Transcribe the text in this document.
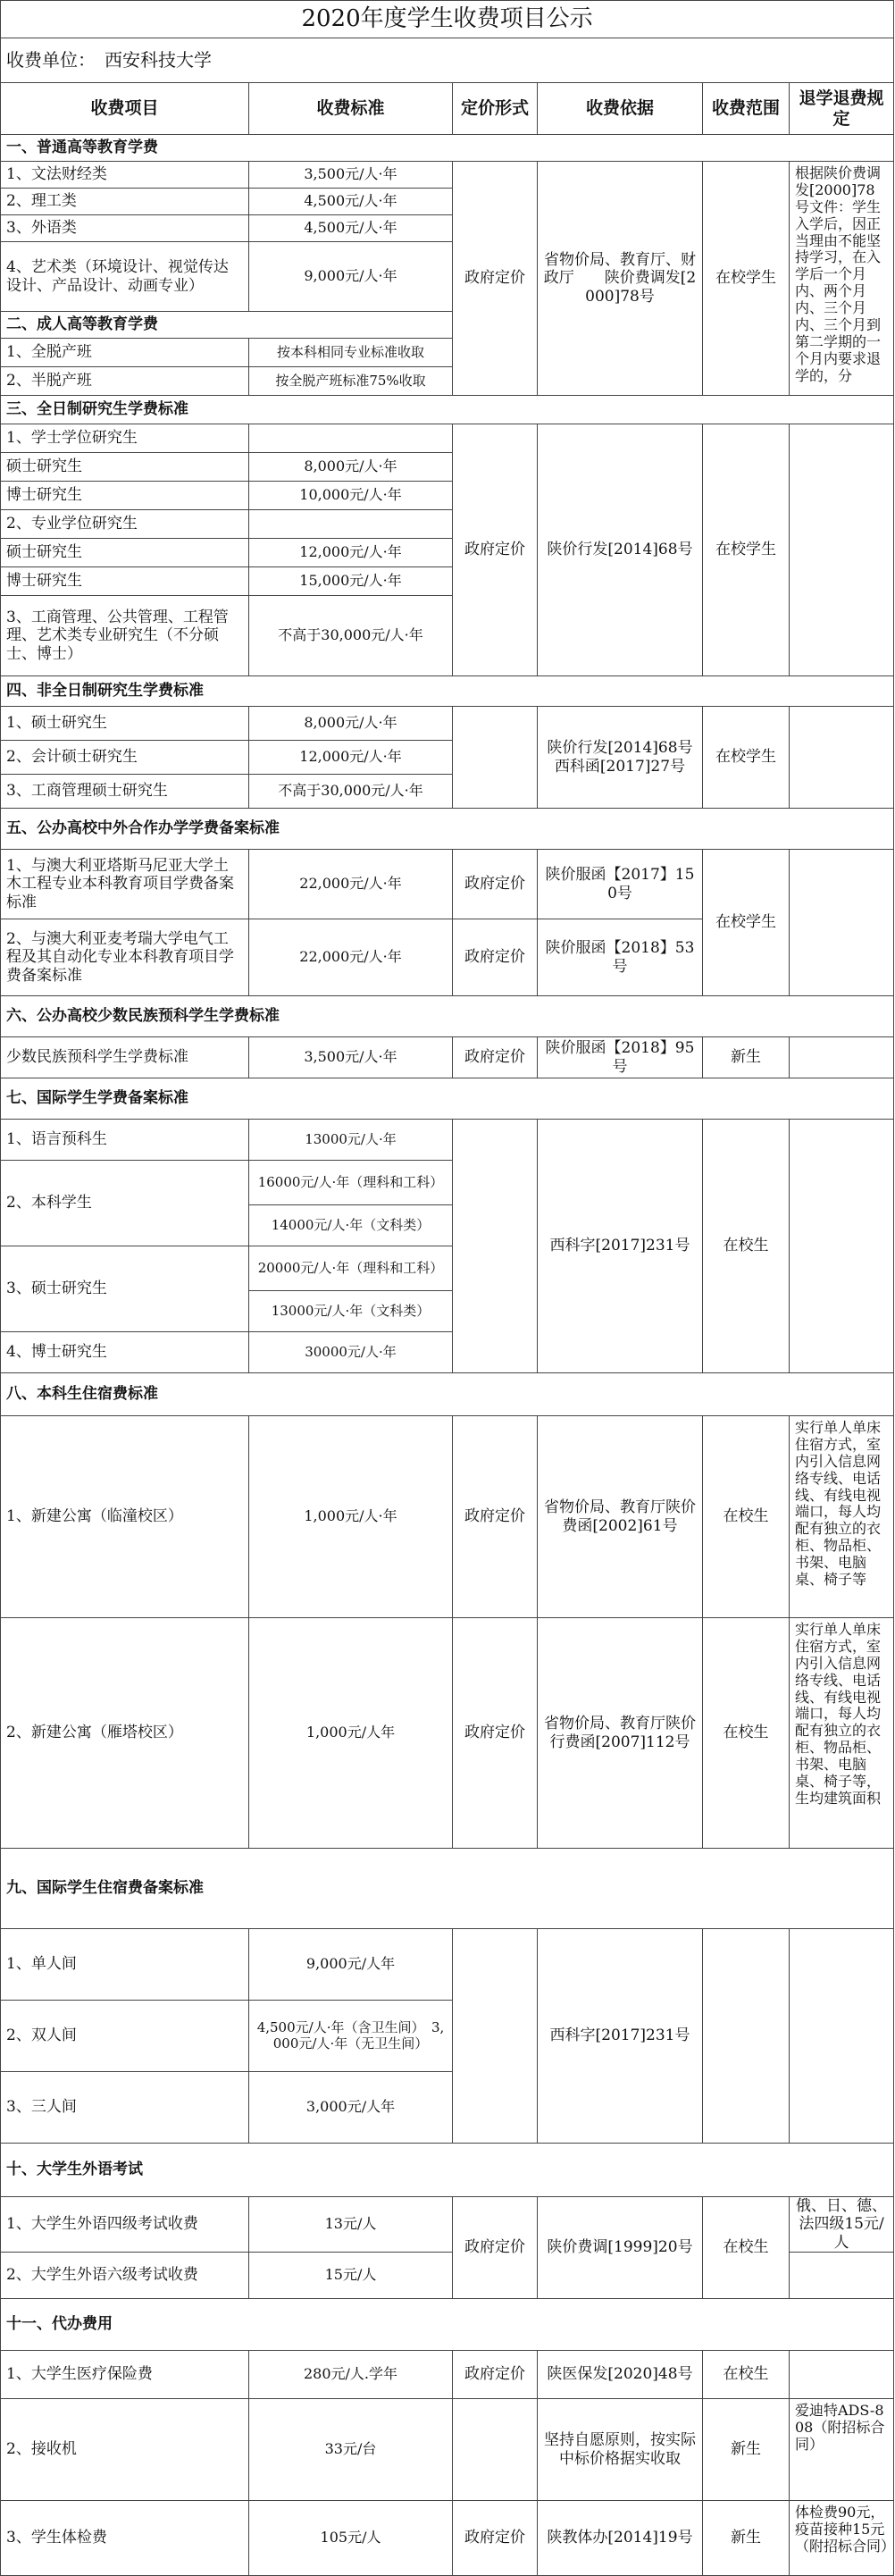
2020年度学生收费项目公示					
收费单位：　 西安科技大学					
收费项目	收费标准	定价形式	收费依据	收费范围	退学退费规定
一、普通高等教育学费					
1、文法财经类	3,500元/人·年	政府定价	省物价局、教育厅、财政厅　　陕价费调发[2000]78号	在校学生	根据陕价费调发[2000]78号文件：学生入学后，因正当理由不能坚持学习，在入学后一个月内、两个月内、三个月内、三个月到第二学期的一个月内要求退学的，分

2、理工类	4,500元/人·年				
3、外语类	4,500元/人·年				
4、艺术类（环境设计、视觉传达设计、产品设计、动画专业）	9,000元/人·年				
二、成人高等教育学费					
1、全脱产班	按本科相同专业标准收取				
2、半脱产班	按全脱产班标准75%收取				
三、全日制研究生学费标准					
1、学士学位研究生		政府定价	陕价行发[2014]68号	在校学生	
硕士研究生	8,000元/人·年				
博士研究生	10,000元/人·年				
2、专业学位研究生					
硕士研究生	12,000元/人·年				
博士研究生	15,000元/人·年				
3、工商管理、公共管理、工程管理、艺术类专业研究生（不分硕士、博士）	不高于30,000元/人·年				
四、非全日制研究生学费标准					
1、硕士研究生	8,000元/人·年		陕价行发[2014]68号　　西科函[2017]27号	在校学生	
2、会计硕士研究生	12,000元/人·年				
3、工商管理硕士研究生	不高于30,000元/人·年				
五、公办高校中外合作办学学费备案标准					
1、与澳大利亚塔斯马尼亚大学土木工程专业本科教育项目学费备案标准	22,000元/人·年	政府定价	陕价服函【2017】150号	在校学生	
2、与澳大利亚麦考瑞大学电气工程及其自动化专业本科教育项目学费备案标准	22,000元/人·年	政府定价	陕价服函【2018】53号		
六、公办高校少数民族预科学生学费标准					
少数民族预科学生学费标准	3,500元/人·年	政府定价	陕价服函【2018】95号	新生	
七、国际学生学费备案标准					
1、语言预科生	13000元/人·年		西科字[2017]231号	在校生	
2、本科学生	16000元/人·年（理科和工科）				
	14000元/人·年（文科类）				
3、硕士研究生	20000元/人·年（理科和工科）				
	13000元/人·年（文科类）				
4、博士研究生	30000元/人·年				
八、本科生住宿费标准					
1、新建公寓（临潼校区）	1,000元/人·年	政府定价	省物价局、教育厅陕价费函[2002]61号	在校生	实行单人单床住宿方式，室内引入信息网络专线、电话线、有线电视端口，每人均配有独立的衣柜、物品柜、书架、电脑桌、椅子等

2、新建公寓（雁塔校区）	1,000元/人年	政府定价	省物价局、教育厅陕价行费函[2007]112号	在校生	实行单人单床住宿方式，室内引入信息网络专线、电话线、有线电视端口，每人均配有独立的衣柜、物品柜、书架、电脑桌、椅子等，生均建筑面积

九、国际学生住宿费备案标准					
1、单人间	9,000元/人年		西科字[2017]231号		
2、双人间	4,500元/人·年（含卫生间）　3,000元/人·年（无卫生间）				
3、三人间	3,000元/人年				
十、大学生外语考试					
1、大学生外语四级考试收费	13元/人	政府定价	陕价费调[1999]20号	在校生	俄、日、德、法四级15元/人
2、大学生外语六级考试收费	15元/人				
十一、代办费用					
1、大学生医疗保险费	280元/人.学年	政府定价	陕医保发[2020]48号	在校生	
2、接收机	33元/台		坚持自愿原则，按实际中标价格据实收取	新生	爱迪特ADS-808（附招标合同）
3、学生体检费	105元/人	政府定价	陕教体办[2014]19号	新生	体检费90元，疫苗接种15元（附招标合同）
